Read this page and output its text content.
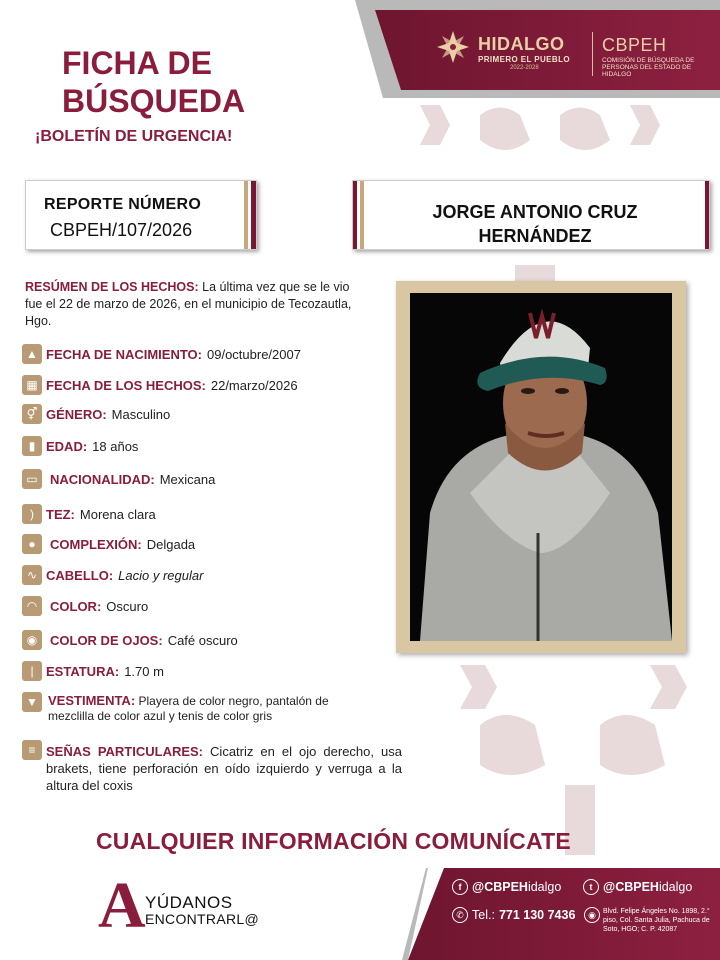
HIDALGO
PRIMERO EL PUEBLO
2022-2028
CBPEH
COMISIÓN DE BÚSQUEDA DE PERSONAS DEL ESTADO DE HIDALGO
FICHA DE
BÚSQUEDA
¡BOLETÍN DE URGENCIA!
REPORTE NÚMERO
CBPEH/107/2026
JORGE ANTONIO CRUZ
HERNÁNDEZ
RESÚMEN DE LOS HECHOS: La última vez que se le vio fue el 22 de marzo de 2026, en el municipio de Tecozautla, Hgo.
▲ FECHA DE NACIMIENTO: 09/octubre/2007
▦ FECHA DE LOS HECHOS: 22/marzo/2026
⚥ GÉNERO: Masculino
▮ EDAD: 18 años
▭ NACIONALIDAD: Mexicana
) TEZ: Morena clara
●	COMPLEXIÓN: Delgada
∿ CABELLO: Lacio y regular
◠ COLOR: Oscuro
◉ COLOR DE OJOS: Café oscuro
| ESTATURA: 1.70 m
▼ VESTIMENTA: Playera de color negro, pantalón de mezclilla de color azul y tenis de color gris
≡ SEÑAS PARTICULARES: Cicatriz en el ojo derecho, usa brakets, tiene perforación en oído izquierdo y verruga a la altura del coxis
CUALQUIER INFORMACIÓN COMUNÍCATE
A YÚDANOS
ENCONTRARL@
f @CBPEH idalgo	t @CBPEH idalgo
✆ Tel.: 771 130 7436	◉	Blvd. Felipe Ángeles No. 1898, 2.° piso, Col. Santa Julia, Pachuca de Soto, HGO; C. P. 42087
